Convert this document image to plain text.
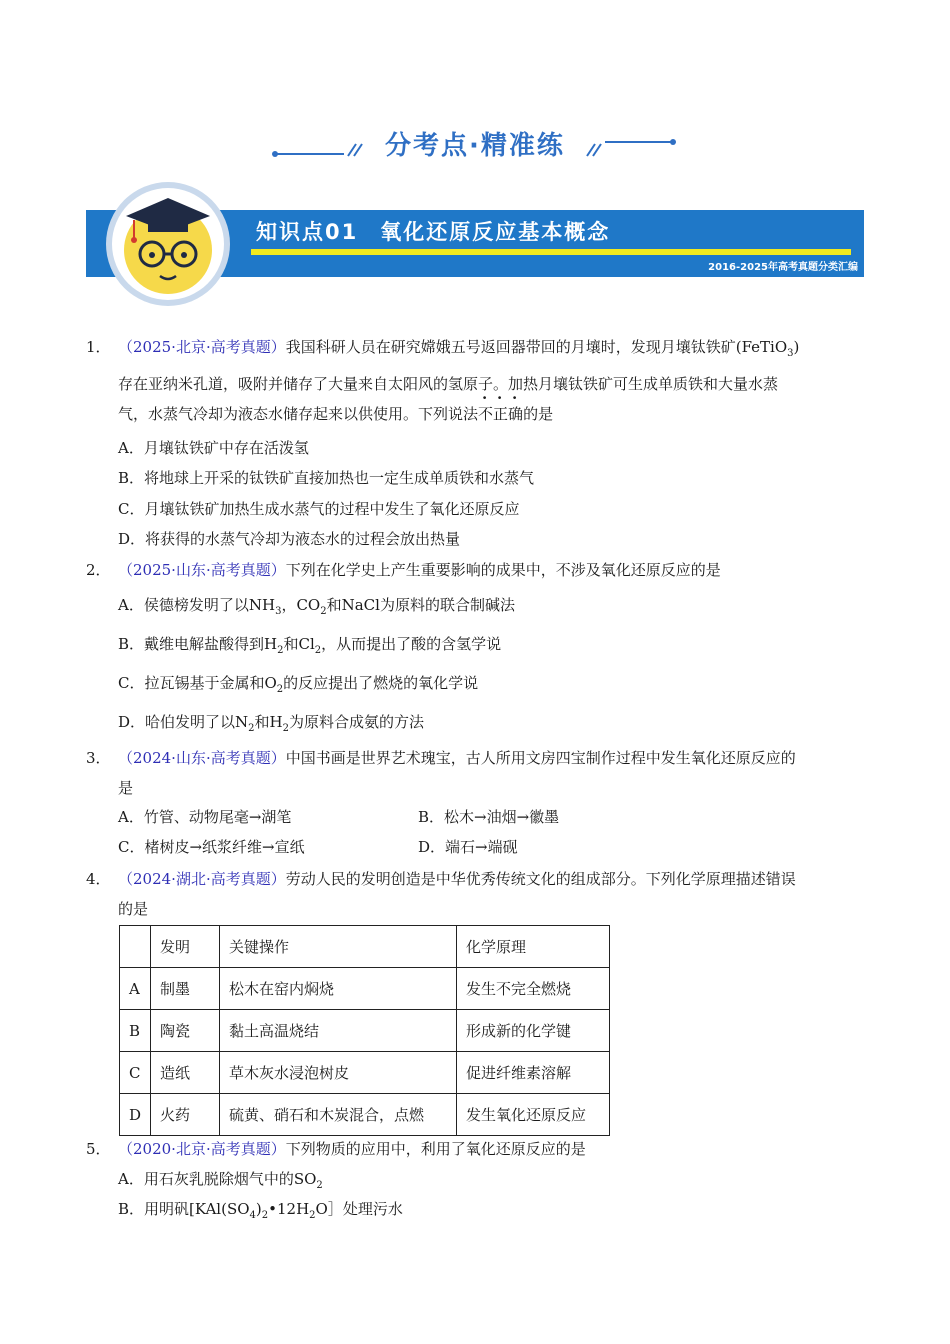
分考点·精准练
知识点01 氧化还原反应基本概念
2016-2025年高考真题分类汇编
1． （2025·北京·高考真题）我国科研人员在研究嫦娥五号返回器带回的月壤时，发现月壤钛铁矿(FeTiO$_3$)
存在亚纳米孔道，吸附并储存了大量来自太阳风的氢原子。加热月壤钛铁矿可生成单质铁和大量水蒸
气，水蒸气冷却为液态水储存起来以供使用。下列说法不正确的是
A．月壤钛铁矿中存在活泼氢
B．将地球上开采的钛铁矿直接加热也一定生成单质铁和水蒸气
C．月壤钛铁矿加热生成水蒸气的过程中发生了氧化还原反应
D．将获得的水蒸气冷却为液态水的过程会放出热量
2． （2025·山东·高考真题）下列在化学史上产生重要影响的成果中，不涉及氧化还原反应的是
A．侯德榜发明了以$NH_3$，$CO_2$和NaCl为原料的联合制碱法
B．戴维电解盐酸得到$H_2$和$Cl_2$，从而提出了酸的含氢学说
C．拉瓦锡基于金属和$O_2$的反应提出了燃烧的氧化学说
D．哈伯发明了以$N_2$和$H_2$为原料合成氨的方法
3． （2024·山东·高考真题）中国书画是世界艺术瑰宝，古人所用文房四宝制作过程中发生氧化还原反应的
是
A．竹管、动物尾毫→湖笔	B．松木→油烟→徽墨
C．楮树皮→纸浆纤维→宣纸	D．端石→端砚
4． （2024·湖北·高考真题）劳动人民的发明创造是中华优秀传统文化的组成部分。下列化学原理描述错误
的是
	发明	关键操作	化学原理
A	制墨	松木在窑内焖烧	发生不完全燃烧
B	陶瓷	黏土高温烧结	形成新的化学键
C	造纸	草木灰水浸泡树皮	促进纤维素溶解
D	火药	硫黄、硝石和木炭混合，点燃	发生氧化还原反应
5． （2020·北京·高考真题）下列物质的应用中，利用了氧化还原反应的是
A．用石灰乳脱除烟气中的$SO_2$
B．用明矾[$KAl(SO_4)_2•12H_2O]$处理污水
